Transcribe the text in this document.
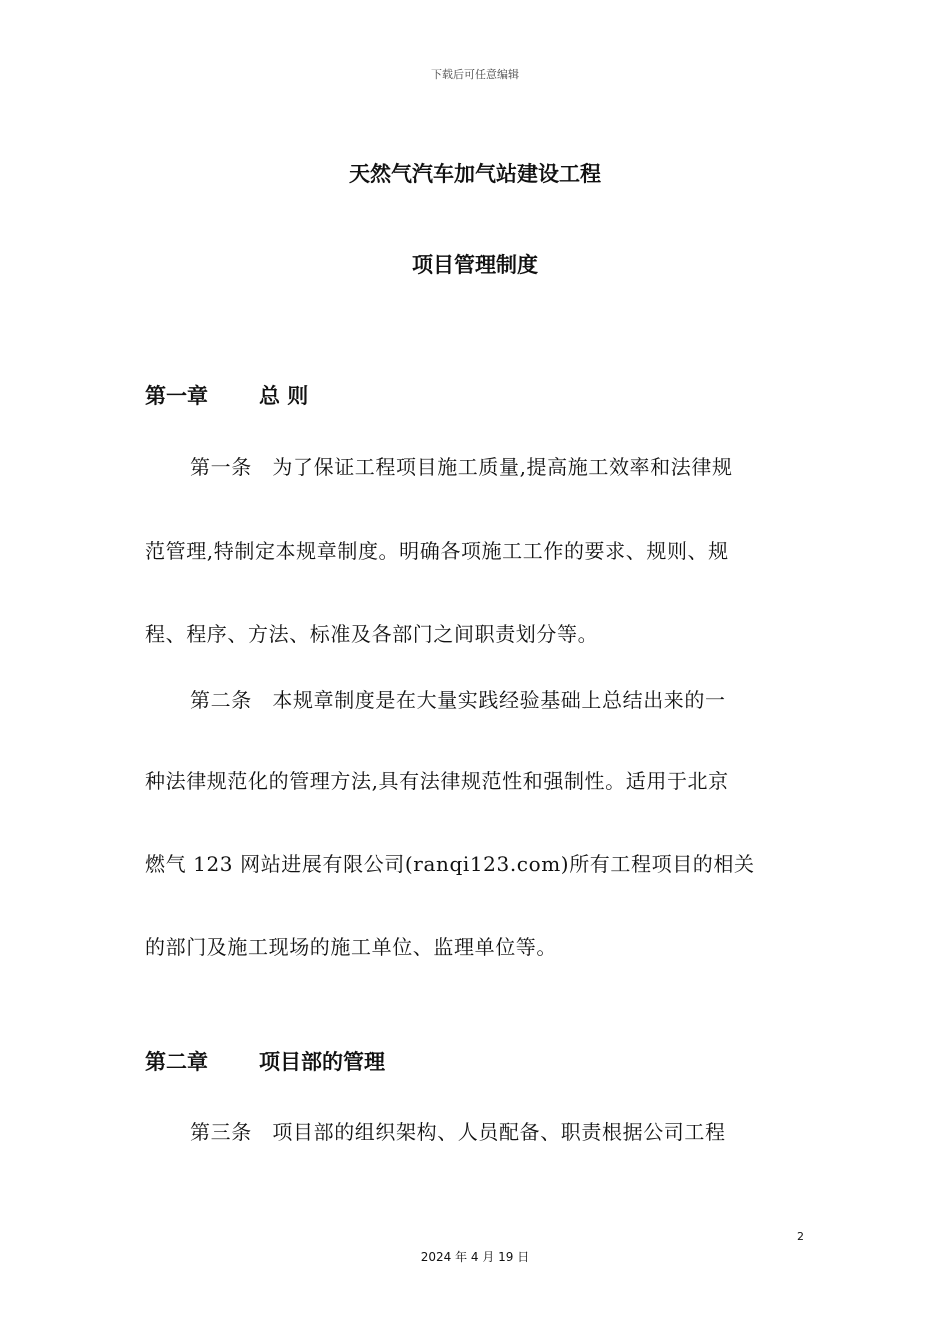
下载后可任意编辑
天然气汽车加气站建设工程
项目管理制度
第一章 总 则
第一条　为了保证工程项目施工质量,提高施工效率和法律规
范管理,特制定本规章制度。明确各项施工工作的要求、规则、规
程、程序、方法、标准及各部门之间职责划分等。
第二条　本规章制度是在大量实践经验基础上总结出来的一
种法律规范化的管理方法,具有法律规范性和强制性。适用于北京
燃气 123 网站进展有限公司(ranqi123.com)所有工程项目的相关
的部门及施工现场的施工单位、监理单位等。
第二章 项目部的管理
第三条　项目部的组织架构、人员配备、职责根据公司工程
2
2024 年 4 月 19 日
